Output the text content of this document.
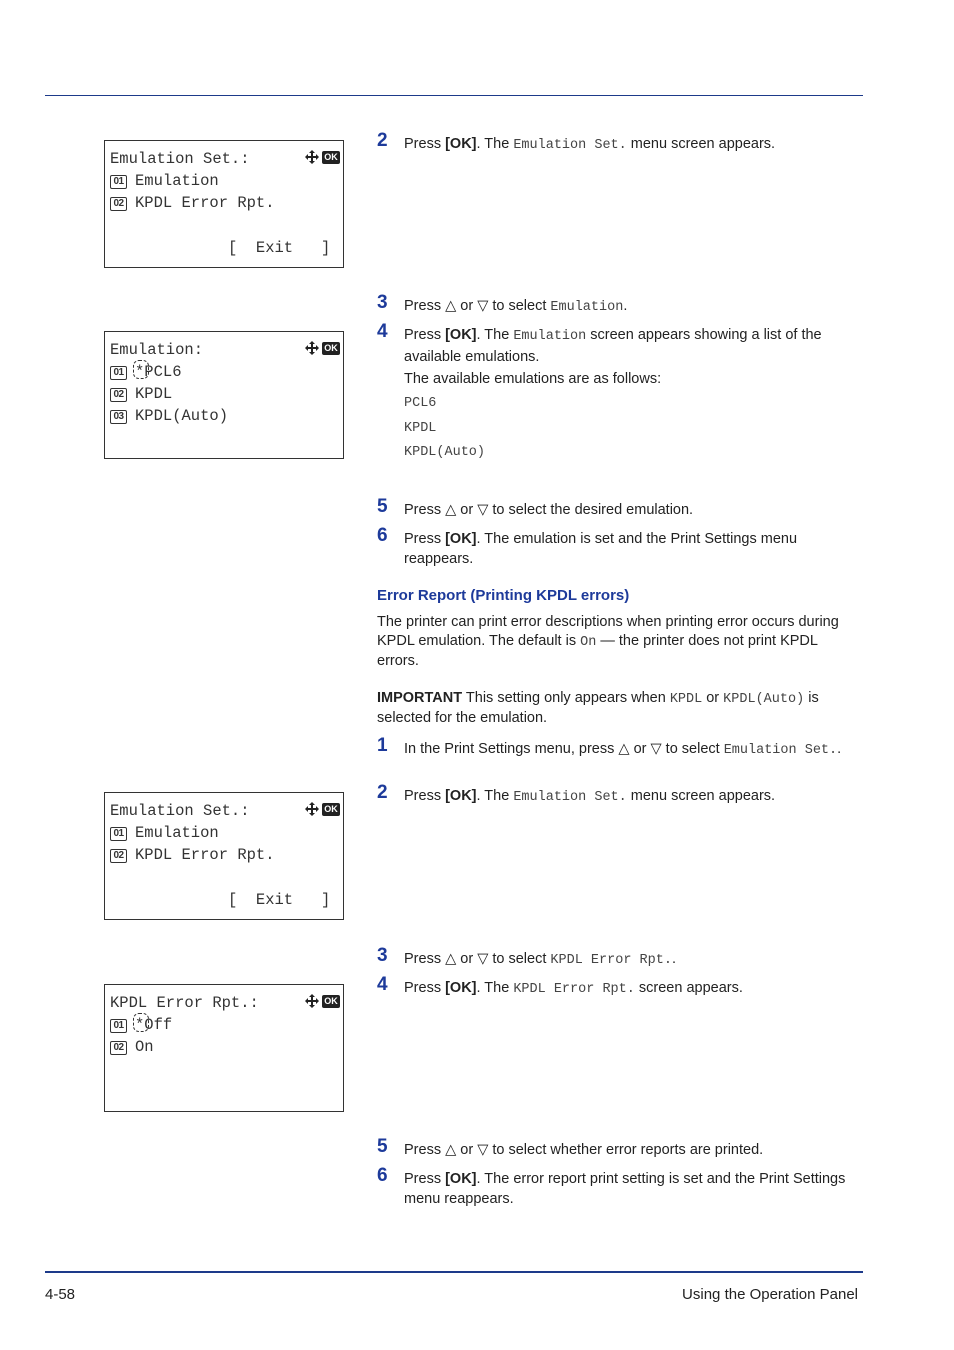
Emulation Set.:	OK
01 Emulation
02 KPDL Error Rpt.
[  Exit   ]
Emulation:	OK
01 *PCL6
02 KPDL
03 KPDL(Auto)
Emulation Set.:	OK
01 Emulation
02 KPDL Error Rpt.
[  Exit   ]
KPDL Error Rpt.:	OK
01 *Off
02 On
2 Press [OK]. The Emulation Set. menu screen appears.
3 Press △ or ▽ to select Emulation.
4 Press [OK]. The Emulation screen appears showing a list of the available emulations.
The available emulations are as follows:
PCL6
KPDL
KPDL(Auto)
5 Press △ or ▽ to select the desired emulation.
6 Press [OK]. The emulation is set and the Print Settings menu reappears.
Error Report (Printing KPDL errors)
The printer can print error descriptions when printing error occurs during KPDL emulation. The default is On — the printer does not print KPDL errors.
IMPORTANT This setting only appears when KPDL or KPDL(Auto) is selected for the emulation.
1 In the Print Settings menu, press △ or ▽ to select Emulation Set..
2 Press [OK]. The Emulation Set. menu screen appears.
3 Press △ or ▽ to select KPDL Error Rpt..
4 Press [OK]. The KPDL Error Rpt. screen appears.
5 Press △ or ▽ to select whether error reports are printed.
6 Press [OK]. The error report print setting is set and the Print Settings menu reappears.
4-58	Using the Operation Panel
